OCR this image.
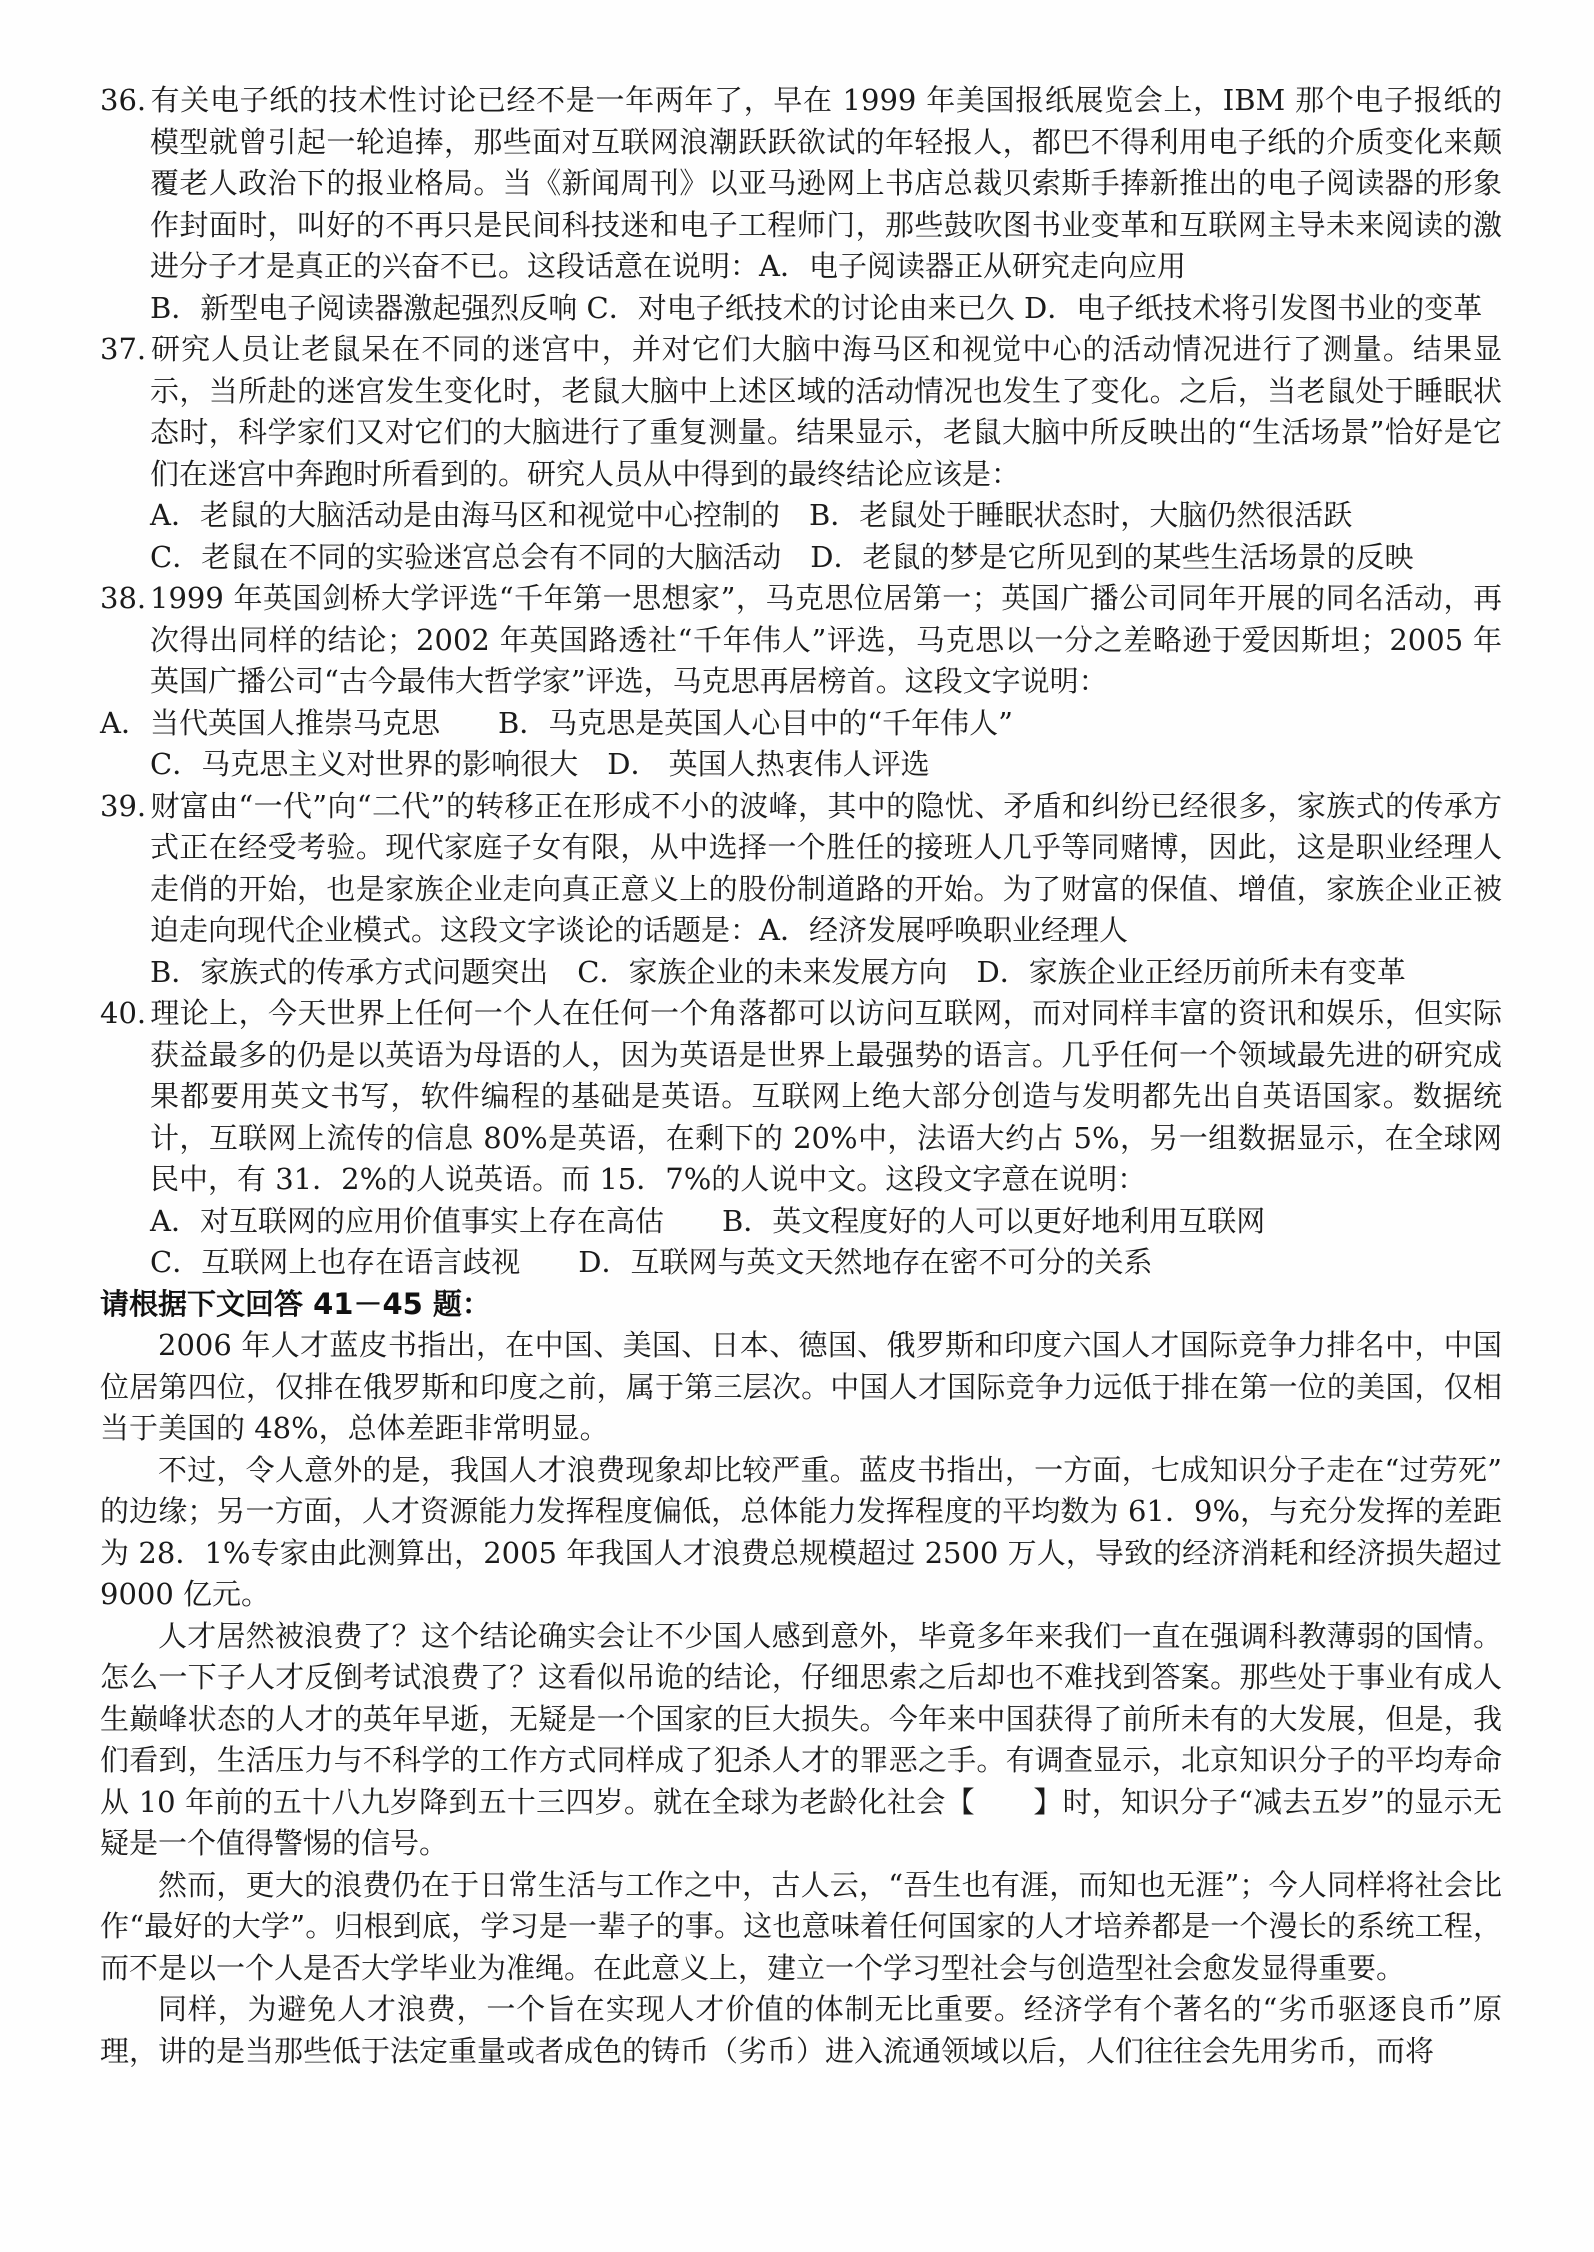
36. 有关电子纸的技术性讨论已经不是一年两年了，早在 1999 年美国报纸展览会上，IBM 那个电子报纸的模型就曾引起一轮追捧，那些面对互联网浪潮跃跃欲试的年轻报人，都巴不得利用电子纸的介质变化来颠覆老人政治下的报业格局。当《新闻周刊》以亚马逊网上书店总裁贝索斯手捧新推出的电子阅读器的形象作封面时，叫好的不再只是民间科技迷和电子工程师门，那些鼓吹图书业变革和互联网主导未来阅读的激进分子才是真正的兴奋不已。这段话意在说明：A．电子阅读器正从研究走向应用
B．新型电子阅读器激起强烈反响 C．对电子纸技术的讨论由来已久 D．电子纸技术将引发图书业的变革
37. 研究人员让老鼠呆在不同的迷宫中，并对它们大脑中海马区和视觉中心的活动情况进行了测量。结果显示，当所赴的迷宫发生变化时，老鼠大脑中上述区域的活动情况也发生了变化。之后，当老鼠处于睡眠状态时，科学家们又对它们的大脑进行了重复测量。结果显示，老鼠大脑中所反映出的“生活场景”恰好是它们在迷宫中奔跑时所看到的。研究人员从中得到的最终结论应该是：
A．老鼠的大脑活动是由海马区和视觉中心控制的　B．老鼠处于睡眠状态时，大脑仍然很活跃
C．老鼠在不同的实验迷宫总会有不同的大脑活动　D．老鼠的梦是它所见到的某些生活场景的反映
38. 1999 年英国剑桥大学评选“千年第一思想家”，马克思位居第一；英国广播公司同年开展的同名活动，再次得出同样的结论；2002 年英国路透社“千年伟人”评选，马克思以一分之差略逊于爱因斯坦；2005 年英国广播公司“古今最伟大哲学家”评选，马克思再居榜首。这段文字说明：
A．当代英国人推崇马克思　　B．马克思是英国人心目中的“千年伟人”
C．马克思主义对世界的影响很大　D． 英国人热衷伟人评选
39. 财富由“一代”向“二代”的转移正在形成不小的波峰，其中的隐忧、矛盾和纠纷已经很多，家族式的传承方式正在经受考验。现代家庭子女有限，从中选择一个胜任的接班人几乎等同赌博，因此，这是职业经理人走俏的开始，也是家族企业走向真正意义上的股份制道路的开始。为了财富的保值、增值，家族企业正被迫走向现代企业模式。这段文字谈论的话题是：A．经济发展呼唤职业经理人
B．家族式的传承方式问题突出　C．家族企业的未来发展方向　D．家族企业正经历前所未有变革
40. 理论上，今天世界上任何一个人在任何一个角落都可以访问互联网，而对同样丰富的资讯和娱乐，但实际获益最多的仍是以英语为母语的人，因为英语是世界上最强势的语言。几乎任何一个领域最先进的研究成果都要用英文书写，软件编程的基础是英语。互联网上绝大部分创造与发明都先出自英语国家。数据统计，互联网上流传的信息 80%是英语，在剩下的 20%中，法语大约占 5%，另一组数据显示，在全球网民中，有 31．2%的人说英语。而 15．7%的人说中文。这段文字意在说明：
A．对互联网的应用价值事实上存在高估　　B．英文程度好的人可以更好地利用互联网
C．互联网上也存在语言歧视　　D．互联网与英文天然地存在密不可分的关系
请根据下文回答 41－45 题：

2006 年人才蓝皮书指出，在中国、美国、日本、德国、俄罗斯和印度六国人才国际竞争力排名中，中国位居第四位，仅排在俄罗斯和印度之前，属于第三层次。中国人才国际竞争力远低于排在第一位的美国，仅相当于美国的 48%，总体差距非常明显。

不过，令人意外的是，我国人才浪费现象却比较严重。蓝皮书指出，一方面，七成知识分子走在“过劳死”的边缘；另一方面，人才资源能力发挥程度偏低，总体能力发挥程度的平均数为 61．9%，与充分发挥的差距为 28．1%专家由此测算出，2005 年我国人才浪费总规模超过 2500 万人，导致的经济消耗和经济损失超过 9000 亿元。

人才居然被浪费了？这个结论确实会让不少国人感到意外，毕竟多年来我们一直在强调科教薄弱的国情。怎么一下子人才反倒考试浪费了？这看似吊诡的结论，仔细思索之后却也不难找到答案。那些处于事业有成人生巅峰状态的人才的英年早逝，无疑是一个国家的巨大损失。今年来中国获得了前所未有的大发展，但是，我们看到，生活压力与不科学的工作方式同样成了犯杀人才的罪恶之手。有调查显示，北京知识分子的平均寿命从 10 年前的五十八九岁降到五十三四岁。就在全球为老龄化社会【　　】时，知识分子“减去五岁”的显示无疑是一个值得警惕的信号。

然而，更大的浪费仍在于日常生活与工作之中，古人云，“吾生也有涯，而知也无涯”；今人同样将社会比作“最好的大学”。归根到底，学习是一辈子的事。这也意味着任何国家的人才培养都是一个漫长的系统工程，而不是以一个人是否大学毕业为准绳。在此意义上，建立一个学习型社会与创造型社会愈发显得重要。

同样，为避免人才浪费，一个旨在实现人才价值的体制无比重要。经济学有个著名的“劣币驱逐良币”原理，讲的是当那些低于法定重量或者成色的铸币（劣币）进入流通领域以后，人们往往会先用劣币，而将
